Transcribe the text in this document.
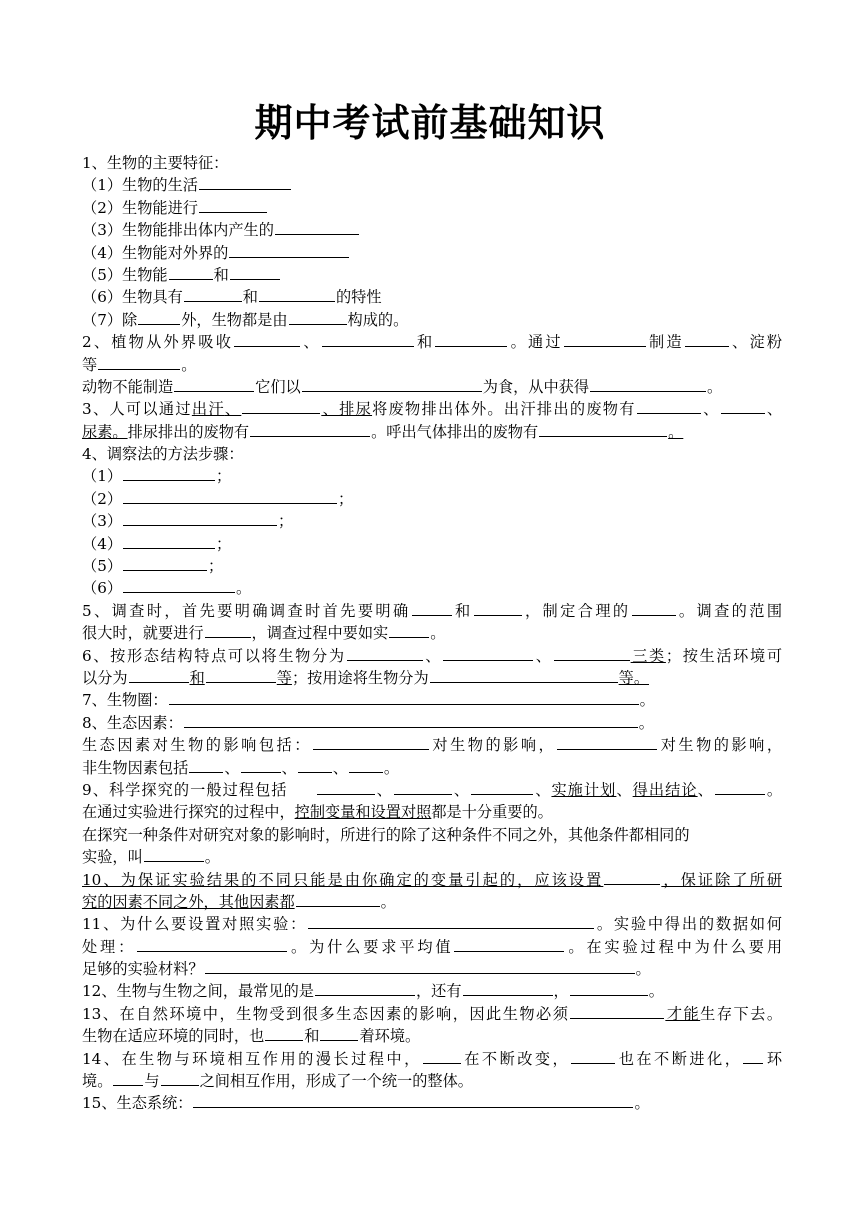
期中考试前基础知识
1、生物的主要特征：
（1）生物的生活
（2）生物能进行
（3）生物能排出体内产生的
（4）生物能对外界的
（5）生物能	和
（6）生物具有	和	的特性
（7）除	外，生物都是由	构成的。
2、植物从外界吸收	、	和	。通过	制造	、淀粉
等	。
动物不能制造	它们以	为食，从中获得	。
3、人可以通过出汗、	、排尿将废物排出体外。出汗排出的废物有	、	、
尿素。排尿排出的废物有	。呼出气体排出的废物有	。
4、调察法的方法步骤：
（1）	；
（2）	；
（3）	；
（4）	；
（5）	；
（6）	。
5、调查时，首先要明确调查时首先要明确	和	，制定合理的	。调查的范围
很大时，就要进行	，调查过程中要如实	。
6、按形态结构特点可以将生物分为	、	、	三类；按生活环境可
以分为	和	等；按用途将生物分为	等。
7、生物圈：	。
8、生态因素：	。
生态因素对生物的影响包括：	对生物的影响，	对生物的影响，
非生物因素包括 、	、 、 。
9、科学探究的一般过程包括	、	、	、实施计划、得出结论、	。
在通过实验进行探究的过程中，控制变量和设置对照都是十分重要的。
在探究一种条件对研究对象的影响时，所进行的除了这种条件不同之外，其他条件都相同的
实验，叫	。
10、为保证实验结果的不同只能是由你确定的变量引起的，应该设置	，保证除了所研
究的因素不同之外，其他因素都	。
11、为什么要设置对照实验：	。实验中得出的数据如何
处理：	。为什么要求平均值	。在实验过程中为什么要用
足够的实验材料？	。
12、生物与生物之间，最常见的是	，还有	，	。
13、在自然环境中，生物受到很多生态因素的影响，因此生物必须	才能生存下去。
生物在适应环境的同时，也	和	着环境。
14、在生物与环境相互作用的漫长过程中，	在不断改变，	也在不断进化， 环
境。 与	之间相互作用，形成了一个统一的整体。
15、生态系统：	。
